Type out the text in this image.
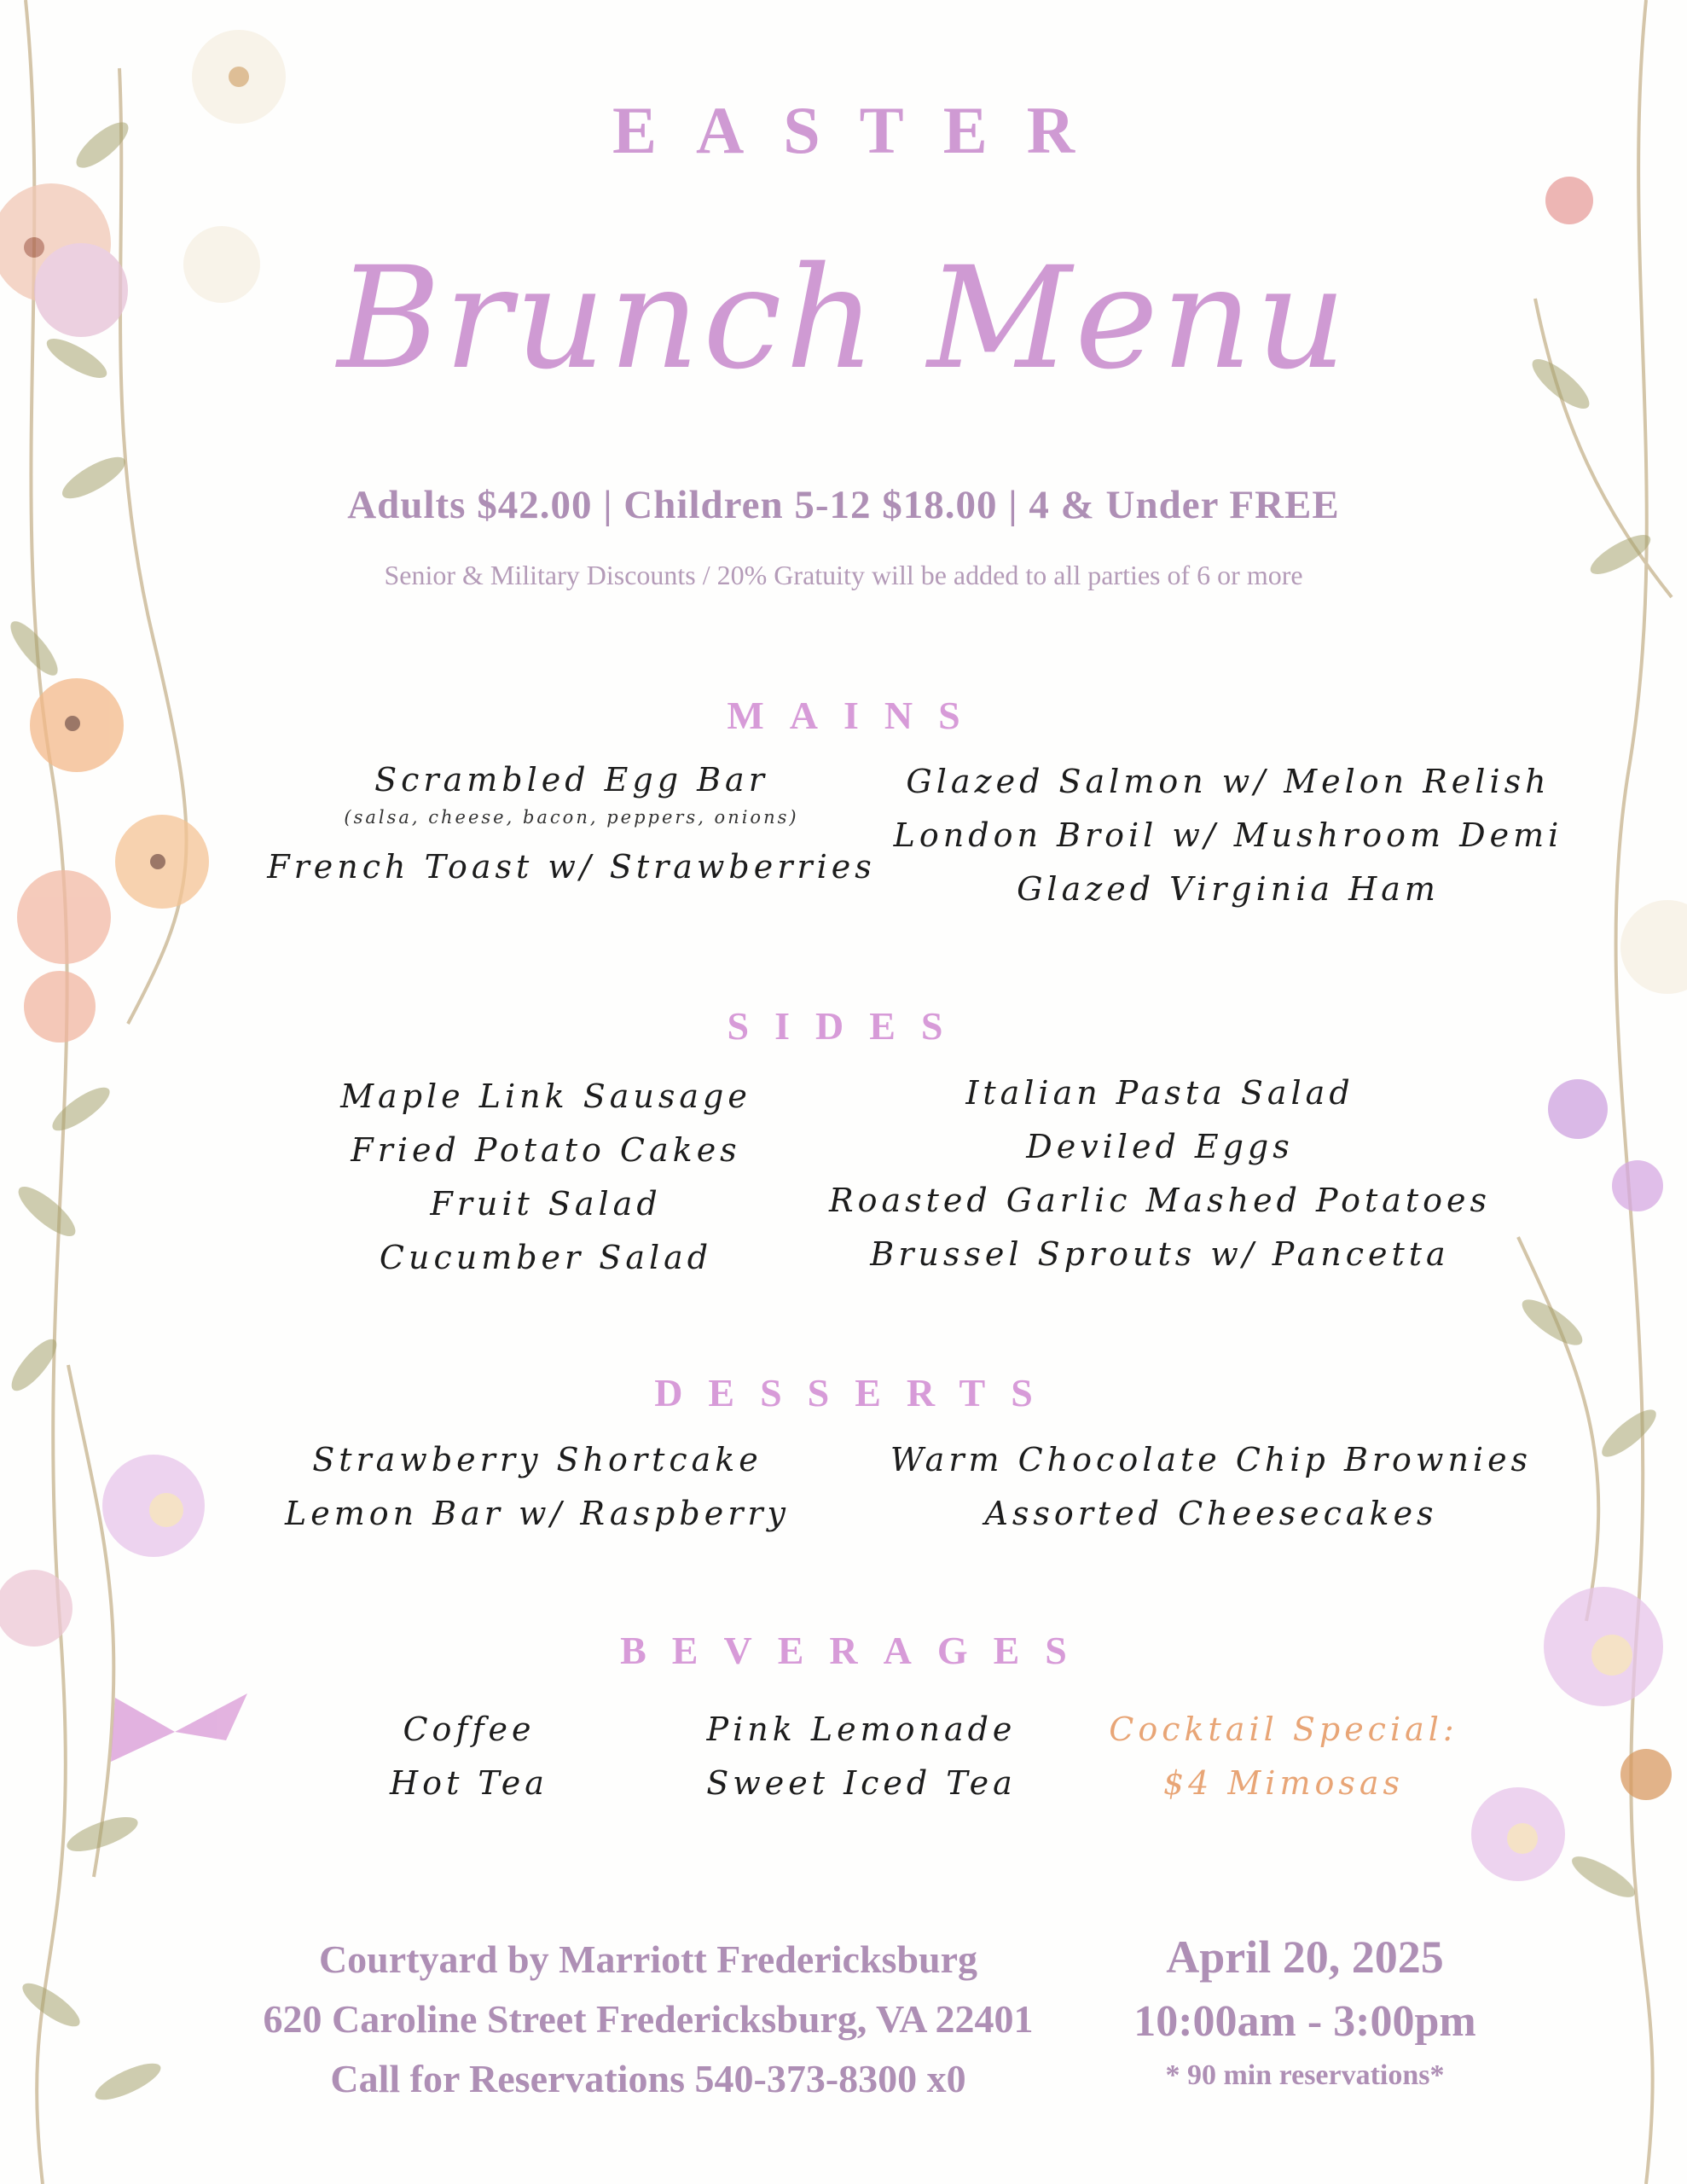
EASTER
Brunch Menu
Adults $42.00 | Children 5-12 $18.00 | 4 & Under FREE
Senior & Military Discounts / 20% Gratuity will be added to all parties of 6 or more
MAINS
Scrambled Egg Bar
(salsa, cheese, bacon, peppers, onions)
French Toast w/ Strawberries
Glazed Salmon w/ Melon Relish
London Broil w/ Mushroom Demi
Glazed Virginia Ham
SIDES
Maple Link Sausage
Fried Potato Cakes
Fruit Salad
Cucumber Salad
Italian Pasta Salad
Deviled Eggs
Roasted Garlic Mashed Potatoes
Brussel Sprouts w/ Pancetta
DESSERTS
Strawberry Shortcake
Lemon Bar w/ Raspberry
Warm Chocolate Chip Brownies
Assorted Cheesecakes
BEVERAGES
Coffee
Hot Tea
Pink Lemonade
Sweet Iced Tea
Cocktail Special:
$4 Mimosas
Courtyard by Marriott Fredericksburg
620 Caroline Street Fredericksburg, VA 22401
Call for Reservations 540-373-8300 x0
April 20, 2025
10:00am - 3:00pm
* 90 min reservations*
